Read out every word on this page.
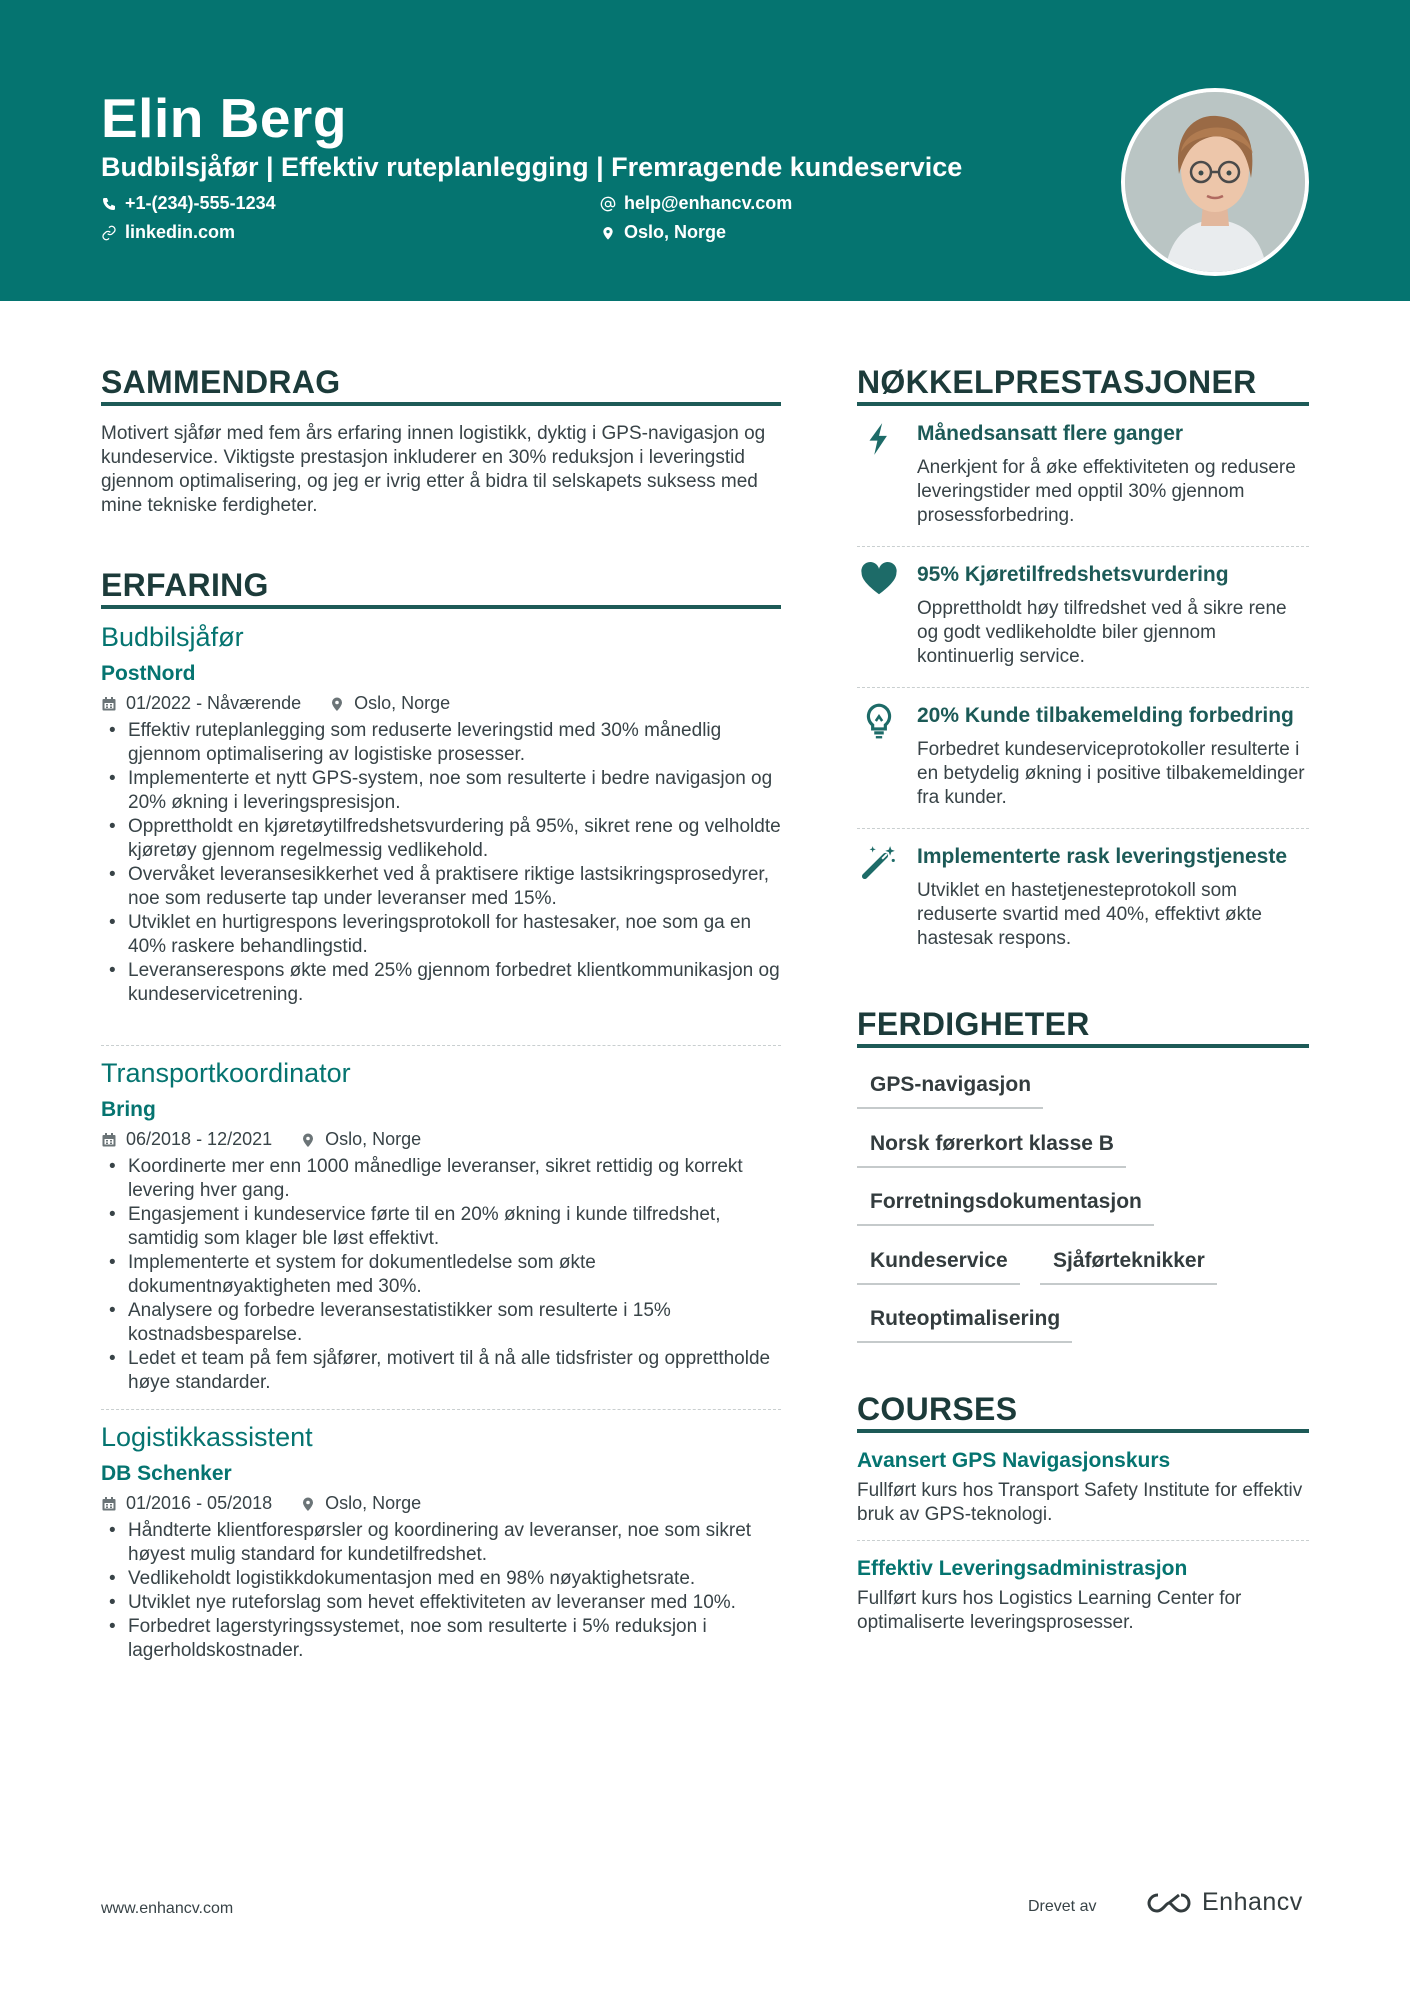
Elin Berg
Budbilsjåfør | Effektiv ruteplanlegging | Fremragende kundeservice
+1-(234)-555-1234	help@enhancv.com
linkedin.com	Oslo, Norge
SAMMENDRAG
Motivert sjåfør med fem års erfaring innen logistikk, dyktig i GPS-navigasjon og kundeservice. Viktigste prestasjon inkluderer en 30% reduksjon i leveringstid gjennom optimalisering, og jeg er ivrig etter å bidra til selskapets suksess med mine tekniske ferdigheter.
ERFARING
Budbilsjåfør
PostNord
01/2022 - Nåværende	Oslo, Norge
• Effektiv ruteplanlegging som reduserte leveringstid med 30% månedlig gjennom optimalisering av logistiske prosesser.
• Implementerte et nytt GPS-system, noe som resulterte i bedre navigasjon og 20% økning i leveringspresisjon.
• Opprettholdt en kjøretøytilfredshetsvurdering på 95%, sikret rene og velholdte kjøretøy gjennom regelmessig vedlikehold.
• Overvåket leveransesikkerhet ved å praktisere riktige lastsikringsprosedyrer, noe som reduserte tap under leveranser med 15%.
• Utviklet en hurtigrespons leveringsprotokoll for hastesaker, noe som ga en 40% raskere behandlingstid.
• Leveranserespons økte med 25% gjennom forbedret klientkommunikasjon og kundeservicetrening.
Transportkoordinator
Bring
06/2018 - 12/2021	Oslo, Norge
• Koordinerte mer enn 1000 månedlige leveranser, sikret rettidig og korrekt levering hver gang.
• Engasjement i kundeservice førte til en 20% økning i kunde tilfredshet, samtidig som klager ble løst effektivt.
• Implementerte et system for dokumentledelse som økte dokumentnøyaktigheten med 30%.
• Analysere og forbedre leveransestatistikker som resulterte i 15% kostnadsbesparelse.
• Ledet et team på fem sjåfører, motivert til å nå alle tidsfrister og opprettholde høye standarder.
Logistikkassistent
DB Schenker
01/2016 - 05/2018	Oslo, Norge
• Håndterte klientforespørsler og koordinering av leveranser, noe som sikret høyest mulig standard for kundetilfredshet.
• Vedlikeholdt logistikkdokumentasjon med en 98% nøyaktighetsrate.
• Utviklet nye ruteforslag som hevet effektiviteten av leveranser med 10%.
• Forbedret lagerstyringssystemet, noe som resulterte i 5% reduksjon i lagerholdskostnader.
NØKKELPRESTASJONER
Månedsansatt flere ganger
Anerkjent for å øke effektiviteten og redusere leveringstider med opptil 30% gjennom prosessforbedring.
95% Kjøretilfredshetsvurdering
Opprettholdt høy tilfredshet ved å sikre rene og godt vedlikeholdte biler gjennom kontinuerlig service.
20% Kunde tilbakemelding forbedring
Forbedret kundeserviceprotokoller resulterte i en betydelig økning i positive tilbakemeldinger fra kunder.
Implementerte rask leveringstjeneste
Utviklet en hastetjenesteprotokoll som reduserte svartid med 40%, effektivt økte hastesak respons.
FERDIGHETER
GPS-navigasjon
Norsk førerkort klasse B
Forretningsdokumentasjon
Kundeservice	Sjåførteknikker
Ruteoptimalisering
COURSES
Avansert GPS Navigasjonskurs
Fullført kurs hos Transport Safety Institute for effektiv bruk av GPS-teknologi.
Effektiv Leveringsadministrasjon
Fullført kurs hos Logistics Learning Center for optimaliserte leveringsprosesser.
www.enhancv.com	Drevet av	Enhancv
